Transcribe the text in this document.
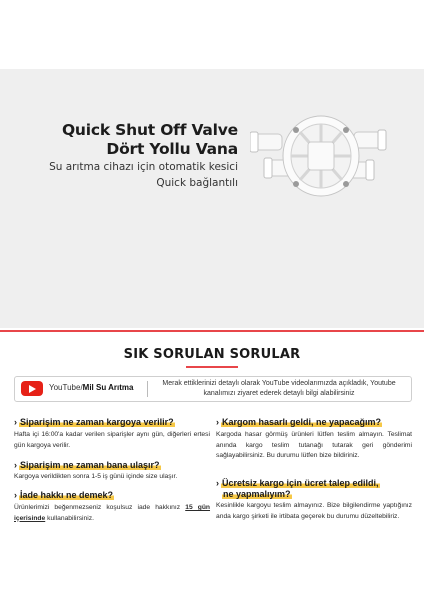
Quick Shut Off Valve
Dört Yollu Vana
Su arıtma cihazı için otomatik kesici
Quick bağlantılı
SIK SORULAN SORULAR
YouTube/Mil Su Arıtma	Merak ettiklerinizi detaylı olarak YouTube videolarımızda açıkladık, Youtube kanalımızı ziyaret ederek detaylı bilgi alabilirsiniz
› Siparişim ne zaman kargoya verilir?
Hafta içi 16:00'a kadar verilen siparişler aynı gün, diğerleri ertesi gün kargoya verilir.
› Siparişim ne zaman bana ulaşır?
Kargoya verildikten sonra 1-5 iş günü içinde size ulaşır.
› İade hakkı ne demek?
Ürünlerimizi beğenmezseniz koşulsuz iade hakkınız 15 gün içerisinde kullanabilirsiniz.
› Kargom hasarlı geldi, ne yapacağım?
Kargoda hasar görmüş ürünleri lütfen teslim almayın. Teslimat anında kargo teslim tutanağı tutarak geri gönderimi sağlayabilirsiniz. Bu durumu lütfen bize bildiriniz.
› Ücretsiz kargo için ücret talep edildi,
ne yapmalıyım?
Kesinlikle kargoyu teslim almayınız. Bize bilgilendirme yaptığınız anda kargo şirketi ile irtibata geçerek bu durumu düzeltebiliriz.
